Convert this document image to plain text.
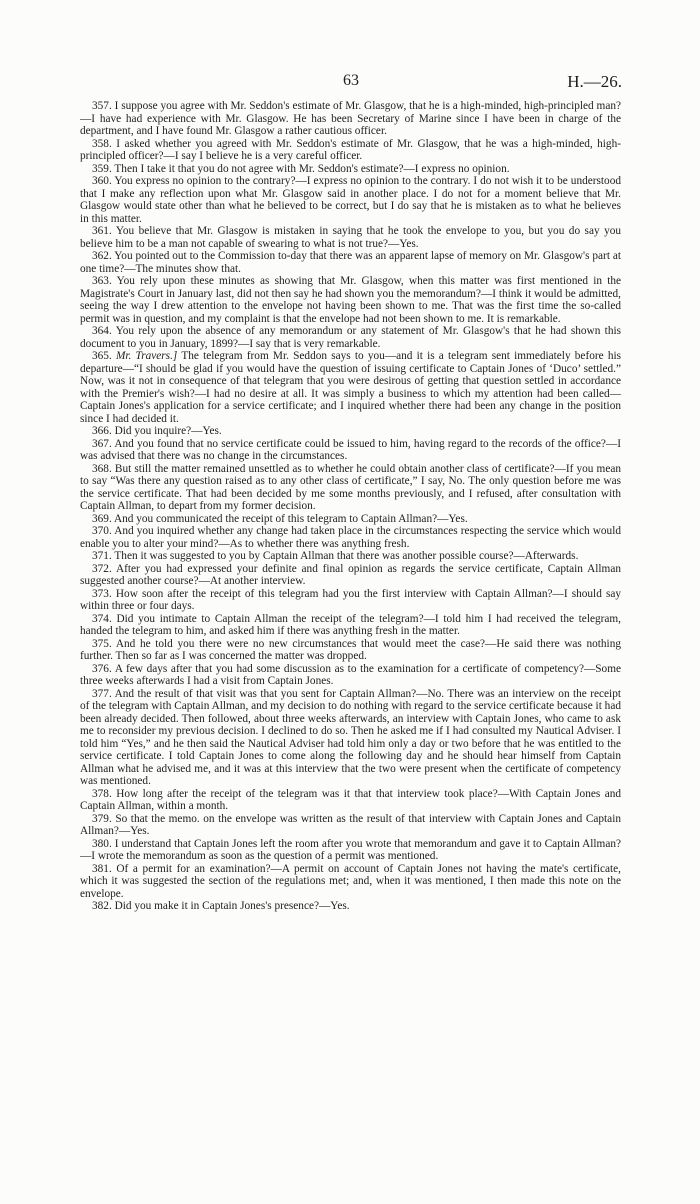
63	H.—26.

357. I suppose you agree with Mr. Seddon's estimate of Mr. Glasgow, that he is a high-minded, high-principled man?—I have had experience with Mr. Glasgow. He has been Secretary of Marine since I have been in charge of the department, and I have found Mr. Glasgow a rather cautious officer.

358. I asked whether you agreed with Mr. Seddon's estimate of Mr. Glasgow, that he was a high-minded, high-principled officer?—I say I believe he is a very careful officer.

359. Then I take it that you do not agree with Mr. Seddon's estimate?—I express no opinion.

360. You express no opinion to the contrary?—I express no opinion to the contrary. I do not wish it to be understood that I make any reflection upon what Mr. Glasgow said in another place. I do not for a moment believe that Mr. Glasgow would state other than what he believed to be correct, but I do say that he is mistaken as to what he believes in this matter.

361. You believe that Mr. Glasgow is mistaken in saying that he took the envelope to you, but you do say you believe him to be a man not capable of swearing to what is not true?—Yes.

362. You pointed out to the Commission to-day that there was an apparent lapse of memory on Mr. Glasgow's part at one time?—The minutes show that.

363. You rely upon these minutes as showing that Mr. Glasgow, when this matter was first mentioned in the Magistrate's Court in January last, did not then say he had shown you the memorandum?—I think it would be admitted, seeing the way I drew attention to the envelope not having been shown to me. That was the first time the so-called permit was in question, and my complaint is that the envelope had not been shown to me. It is remarkable.

364. You rely upon the absence of any memorandum or any statement of Mr. Glasgow's that he had shown this document to you in January, 1899?—I say that is very remarkable.

365. Mr. Travers.] The telegram from Mr. Seddon says to you—and it is a telegram sent immediately before his departure—“I should be glad if you would have the question of issuing certificate to Captain Jones of ‘Duco’ settled.” Now, was it not in consequence of that telegram that you were desirous of getting that question settled in accordance with the Premier's wish?—I had no desire at all. It was simply a business to which my attention had been called—Captain Jones's application for a service certificate; and I inquired whether there had been any change in the position since I had decided it.

366. Did you inquire?—Yes.

367. And you found that no service certificate could be issued to him, having regard to the records of the office?—I was advised that there was no change in the circumstances.

368. But still the matter remained unsettled as to whether he could obtain another class of certificate?—If you mean to say “Was there any question raised as to any other class of certificate,” I say, No. The only question before me was the service certificate. That had been decided by me some months previously, and I refused, after consultation with Captain Allman, to depart from my former decision.

369. And you communicated the receipt of this telegram to Captain Allman?—Yes.

370. And you inquired whether any change had taken place in the circumstances respecting the service which would enable you to alter your mind?—As to whether there was anything fresh.

371. Then it was suggested to you by Captain Allman that there was another possible course?—Afterwards.

372. After you had expressed your definite and final opinion as regards the service certificate, Captain Allman suggested another course?—At another interview.

373. How soon after the receipt of this telegram had you the first interview with Captain Allman?—I should say within three or four days.

374. Did you intimate to Captain Allman the receipt of the telegram?—I told him I had received the telegram, handed the telegram to him, and asked him if there was anything fresh in the matter.

375. And he told you there were no new circumstances that would meet the case?—He said there was nothing further. Then so far as I was concerned the matter was dropped.

376. A few days after that you had some discussion as to the examination for a certificate of competency?—Some three weeks afterwards I had a visit from Captain Jones.

377. And the result of that visit was that you sent for Captain Allman?—No. There was an interview on the receipt of the telegram with Captain Allman, and my decision to do nothing with regard to the service certificate because it had been already decided. Then followed, about three weeks afterwards, an interview with Captain Jones, who came to ask me to reconsider my previous decision. I declined to do so. Then he asked me if I had consulted my Nautical Adviser. I told him “Yes,” and he then said the Nautical Adviser had told him only a day or two before that he was entitled to the service certificate. I told Captain Jones to come along the following day and he should hear himself from Captain Allman what he advised me, and it was at this interview that the two were present when the certificate of competency was mentioned.

378. How long after the receipt of the telegram was it that that interview took place?—With Captain Jones and Captain Allman, within a month.

379. So that the memo. on the envelope was written as the result of that interview with Captain Jones and Captain Allman?—Yes.

380. I understand that Captain Jones left the room after you wrote that memorandum and gave it to Captain Allman?—I wrote the memorandum as soon as the question of a permit was mentioned.

381. Of a permit for an examination?—A permit on account of Captain Jones not having the mate's certificate, which it was suggested the section of the regulations met; and, when it was mentioned, I then made this note on the envelope.

382. Did you make it in Captain Jones's presence?—Yes.
